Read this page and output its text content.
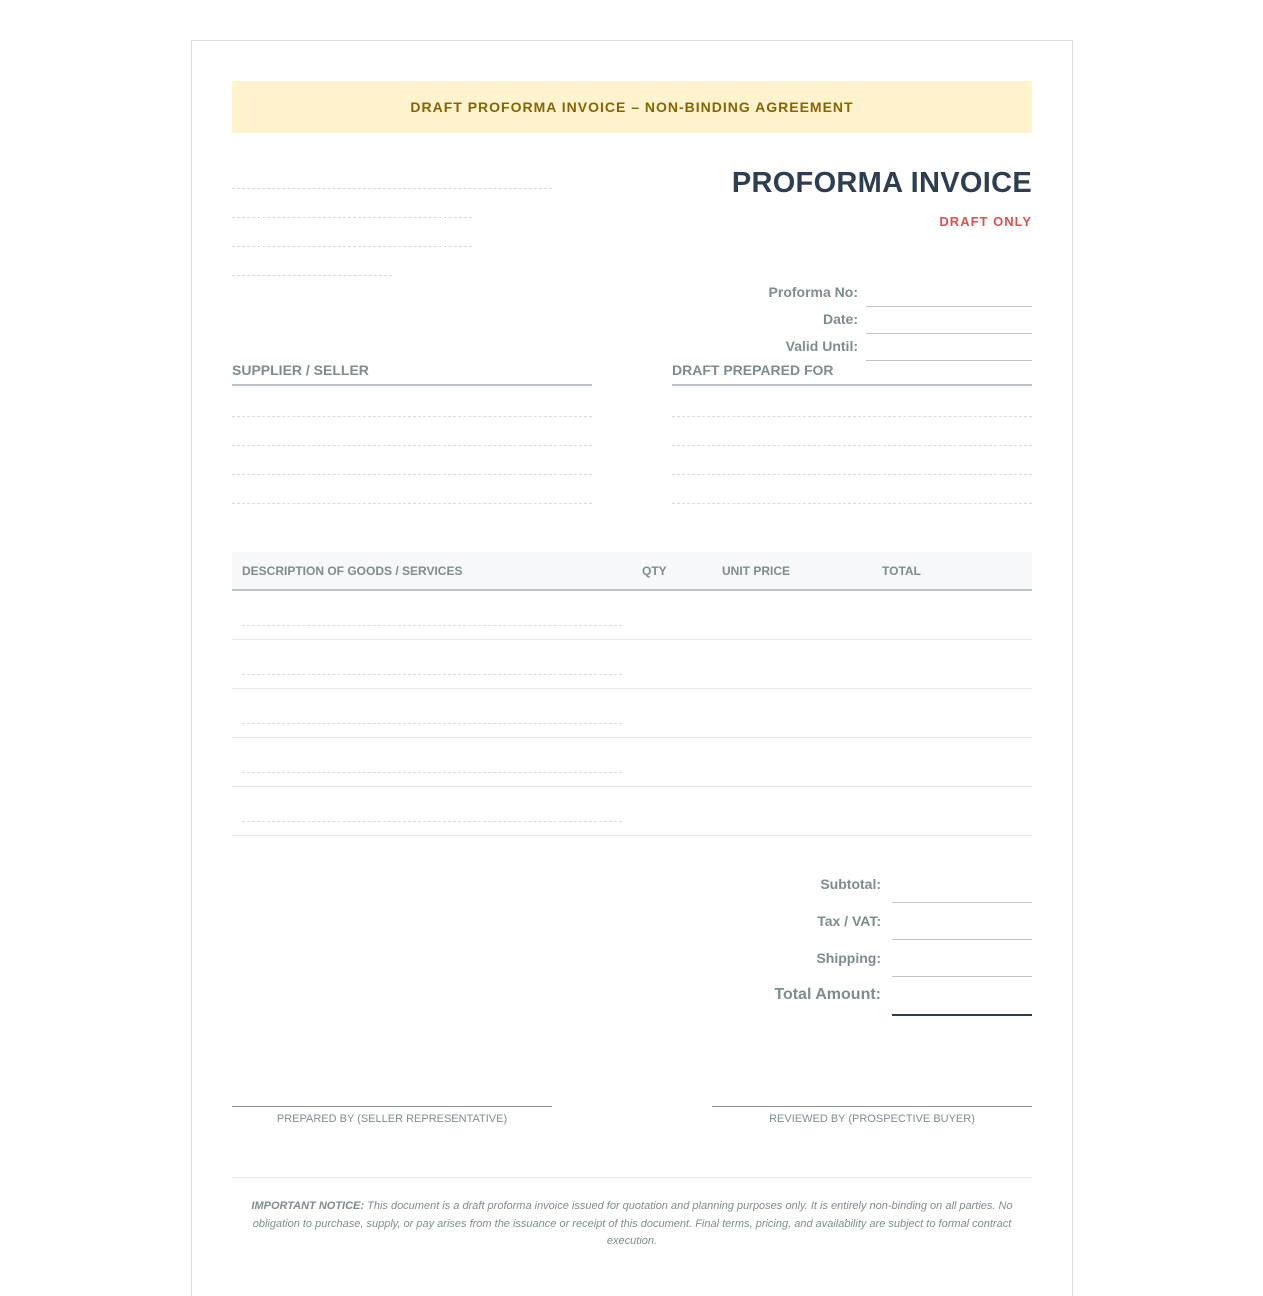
DRAFT PROFORMA INVOICE – NON-BINDING AGREEMENT
PROFORMA INVOICE
DRAFT ONLY
Proforma No:
Date:
Valid Until:
SUPPLIER / SELLER	DRAFT PREPARED FOR
DESCRIPTION OF GOODS / SERVICES	QTY	UNIT PRICE	TOTAL
Subtotal:
Tax / VAT:
Shipping:
Total Amount:
PREPARED BY (SELLER REPRESENTATIVE)	REVIEWED BY (PROSPECTIVE BUYER)

IMPORTANT NOTICE: This document is a draft proforma invoice issued for quotation and planning purposes only. It is entirely non-binding on all parties. No obligation to purchase, supply, or pay arises from the issuance or receipt of this document. Final terms, pricing, and availability are subject to formal contract execution.
